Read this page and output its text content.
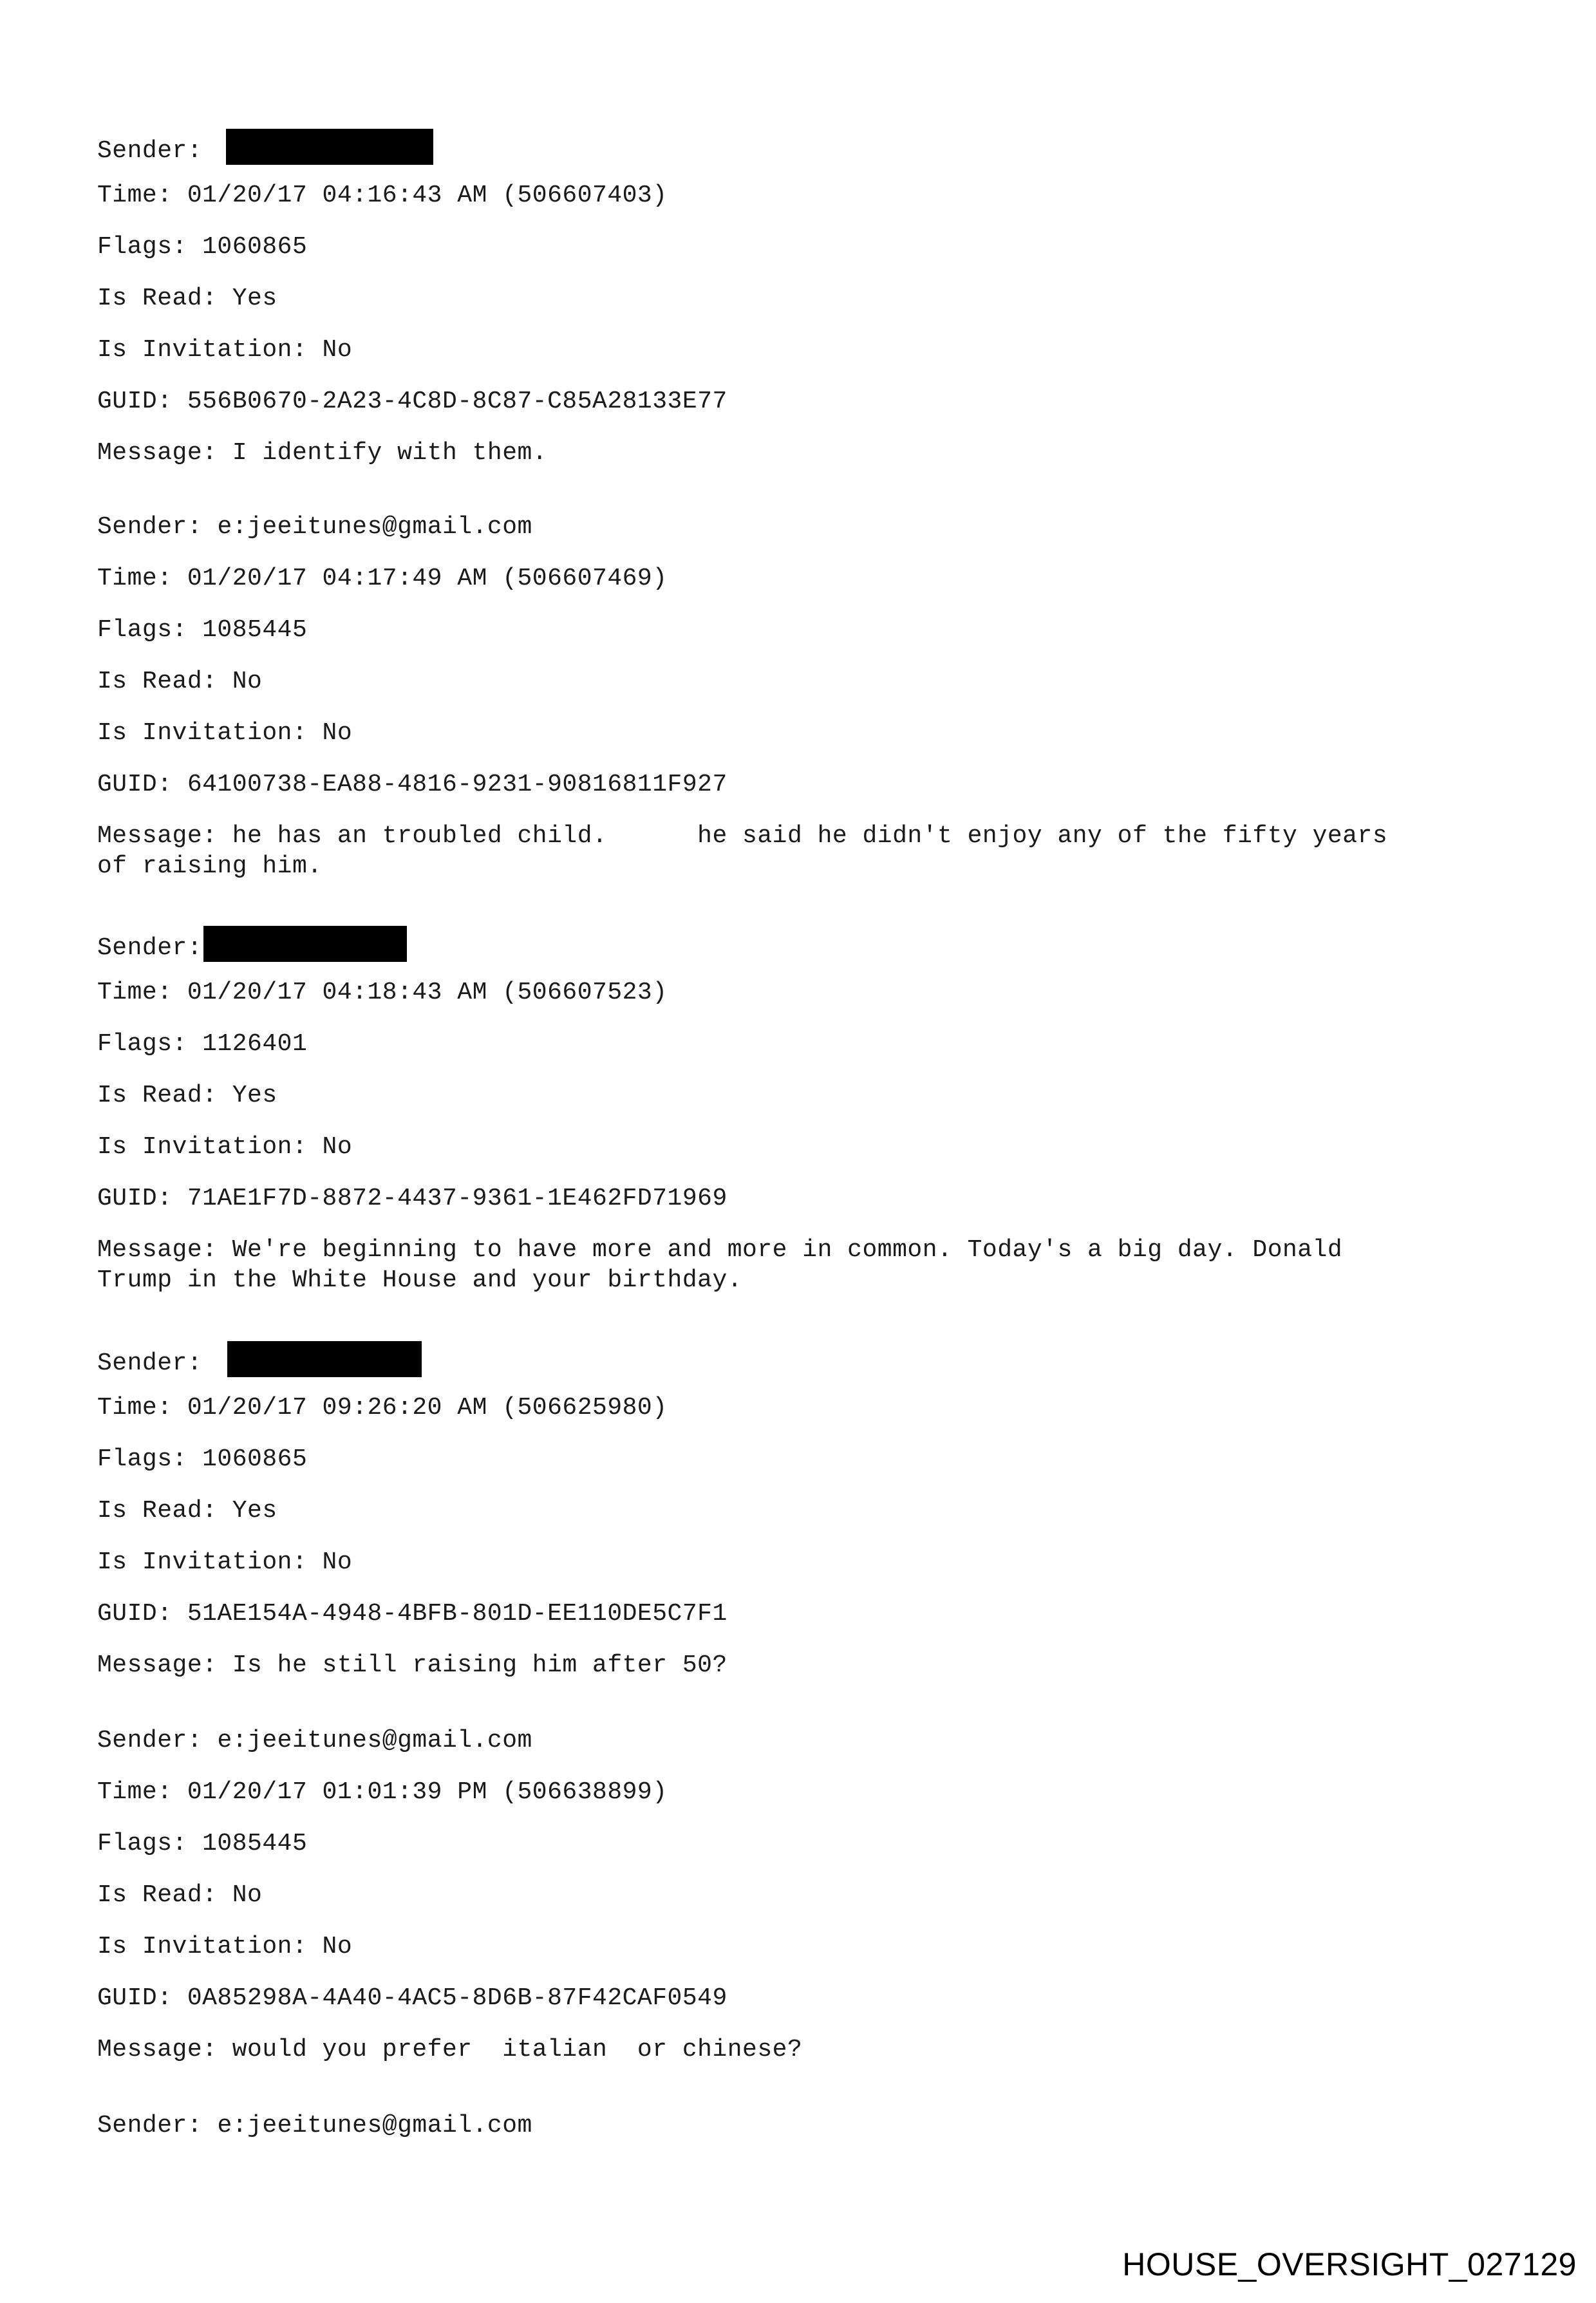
Sender:
Time: 01/20/17 04:16:43 AM (506607403)
Flags: 1060865
Is Read: Yes
Is Invitation: No
GUID: 556B0670-2A23-4C8D-8C87-C85A28133E77
Message: I identify with them.
Sender: e:jeeitunes@gmail.com
Time: 01/20/17 04:17:49 AM (506607469)
Flags: 1085445
Is Read: No
Is Invitation: No
GUID: 64100738-EA88-4816-9231-90816811F927
Message: he has an troubled child.      he said he didn't enjoy any of the fifty years
of raising him.
Sender:
Time: 01/20/17 04:18:43 AM (506607523)
Flags: 1126401
Is Read: Yes
Is Invitation: No
GUID: 71AE1F7D-8872-4437-9361-1E462FD71969
Message: We're beginning to have more and more in common. Today's a big day. Donald
Trump in the White House and your birthday.
Sender:
Time: 01/20/17 09:26:20 AM (506625980)
Flags: 1060865
Is Read: Yes
Is Invitation: No
GUID: 51AE154A-4948-4BFB-801D-EE110DE5C7F1
Message: Is he still raising him after 50?
Sender: e:jeeitunes@gmail.com
Time: 01/20/17 01:01:39 PM (506638899)
Flags: 1085445
Is Read: No
Is Invitation: No
GUID: 0A85298A-4A40-4AC5-8D6B-87F42CAF0549
Message: would you prefer  italian  or chinese?
Sender: e:jeeitunes@gmail.com
HOUSE_OVERSIGHT_027129
